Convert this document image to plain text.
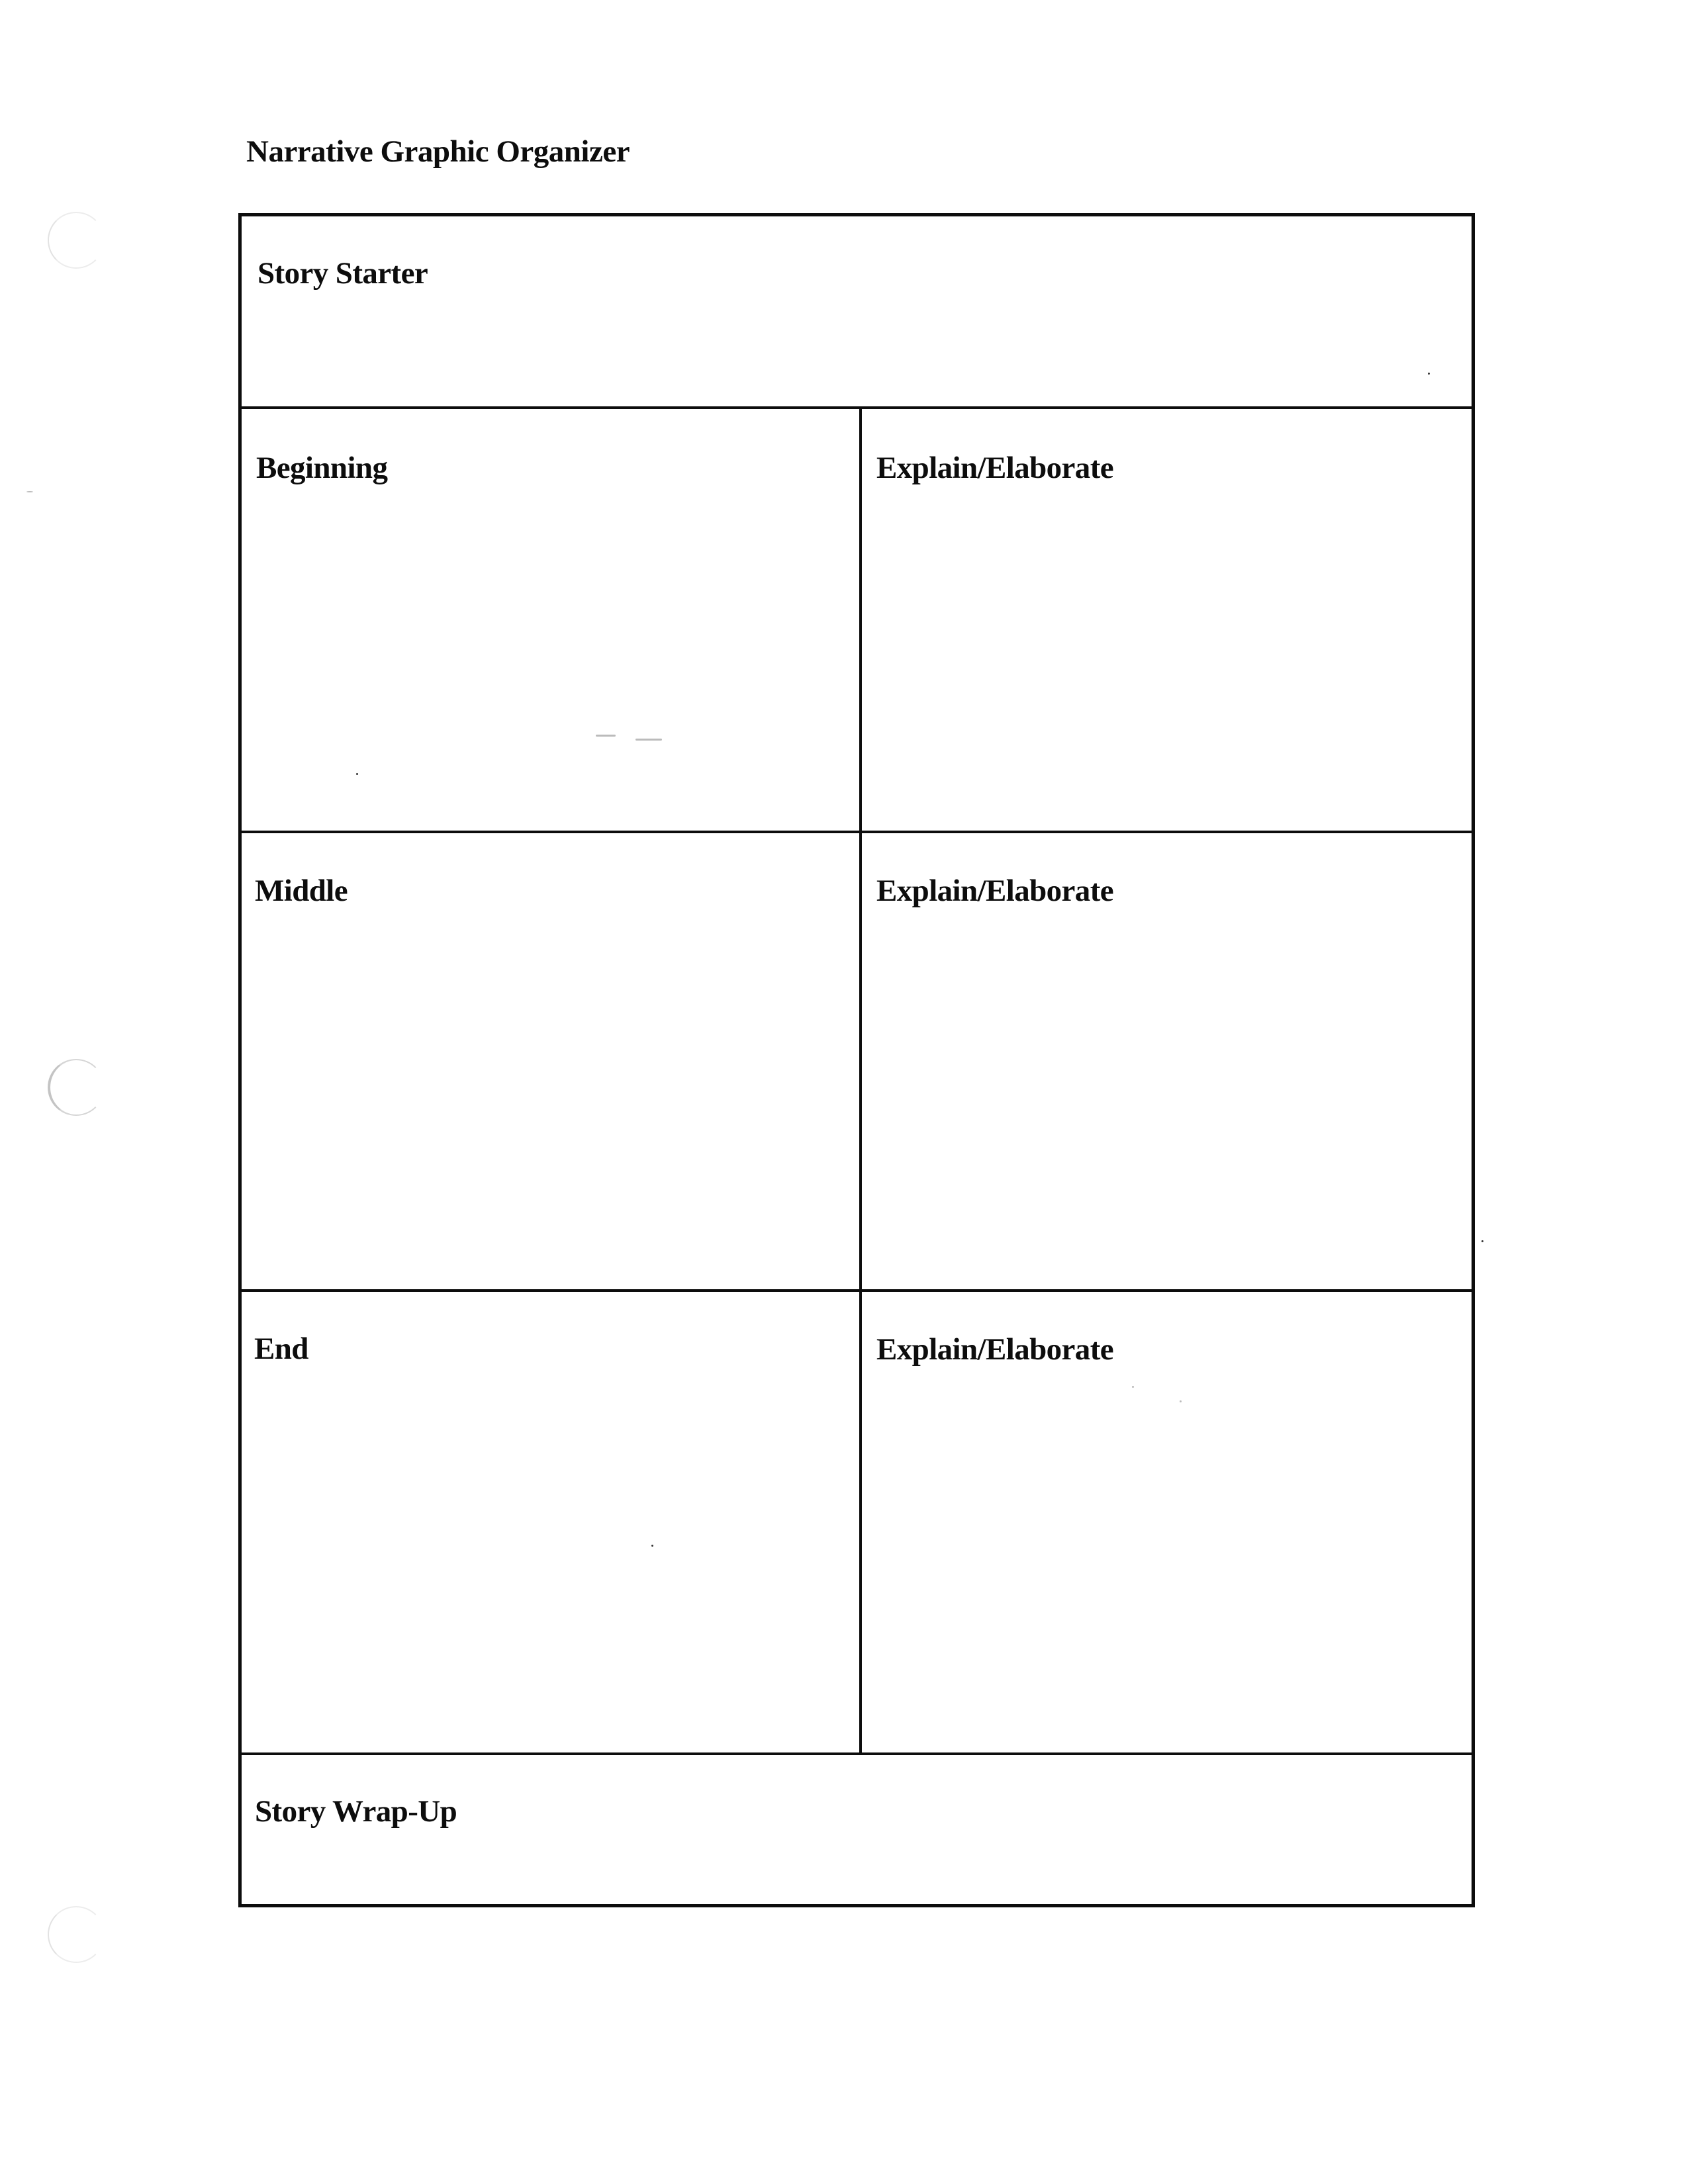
Narrative Graphic Organizer
Story Starter
Beginning	Explain/Elaborate
Middle	Explain/Elaborate
End	Explain/Elaborate
Story Wrap-Up
